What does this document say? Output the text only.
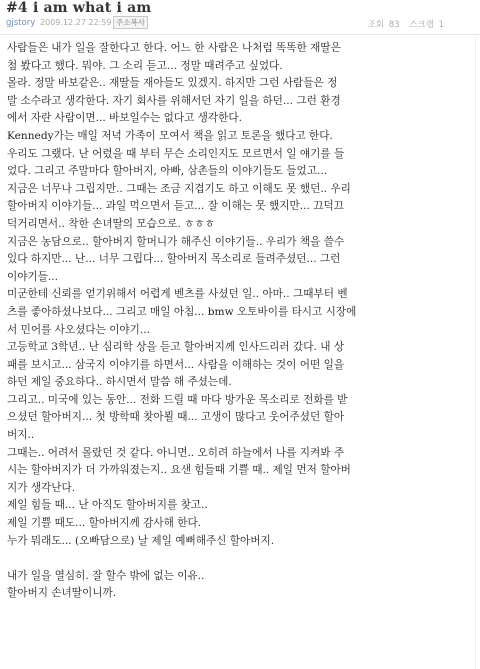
#4 i am what i am
gjstory 2009.12.27 22:59 주소복사	조회 83 스크랩 1
사람들은 내가 일을 잘한다고 한다. 어느 한 사람은 나처럼 똑똑한 재딸은
첨 봤다고 했다. 뭐야. 그 소리 듣고... 정말 때려주고 싶었다.
몰라. 정말 바보같은.. 재딸들 재아들도 있겠지. 하지만 그런 사람들은 정
말 소수라고 생각한다. 자기 회사를 위해서던 자기 일을 하던... 그런 환경
에서 자란 사람이면... 바보일수는 없다고 생각한다.
Kennedy가는 매일 저녁 가족이 모여서 책을 읽고 토론을 했다고 한다.
우리도 그랬다. 난 어렸을 때 부터 무슨 소리인지도 모르면서 일 얘기를 들
었다. 그리고 주말마다 할아버지, 아빠, 삼촌들의 이야기들도 들었고...
지금은 너무나 그립지만.. 그때는 조금 지겹기도 하고 이해도 못 했던.. 우리
할아버지 이야기들... 과일 먹으면서 듣고... 잘 이해는 못 했지만... 끄덕끄
덕거리면서.. 착한 손녀딸의 모습으로. ㅎㅎㅎ
지금은 농담으로.. 할아버지 할머니가 해주신 이야기들.. 우리가 책을 쓸수
있다 하지만... 난... 너무 그립다... 할아버지 목소리로 들려주셨던... 그런
이야기들...
미군한테 신뢰를 얻기위해서 어렵게 벤츠를 사셨던 일.. 아마.. 그때부터 벤
츠를 좋아하셨나보다... 그리고 매일 아침... bmw 오토바이를 타시고 시장에
서 민어를 사오셨다는 이야기...
고등학교 3학년.. 난 심리학 상을 듣고 할아버지께 인사드리러 갔다. 내 상
패를 보시고... 삼국지 이야기를 하면서... 사람을 이해하는 것이 어떤 일을
하던 제일 중요하다.. 하시면서 말씀 해 주셨는데.
그리고.. 미국에 있는 동안... 전화 드릴 때 마다 방가운 목소리로 전화를 받
으셨던 할아버지... 첫 방학때 찾아뵐 때... 고생이 많다고 웃어주셨던 할아
버지..
그때는.. 어려서 몰랐던 것 같다. 아니면.. 오히려 하늘에서 나를 지켜봐 주
시는 할아버지가 더 가까워졌는지.. 요샌 힘들때 기쁠 때.. 제일 먼저 할아버
지가 생각난다.
제일 힘들 때... 난 아직도 할아버지를 찾고..
제일 기쁠 때도... 할아버지께 감사해 한다.
누가 뭐래도... (오빠담으로) 날 제일 예뻐해주신 할아버지.
내가 일을 열심히. 잘 할수 밖에 없는 이유..
할아버지 손녀딸이니까.
